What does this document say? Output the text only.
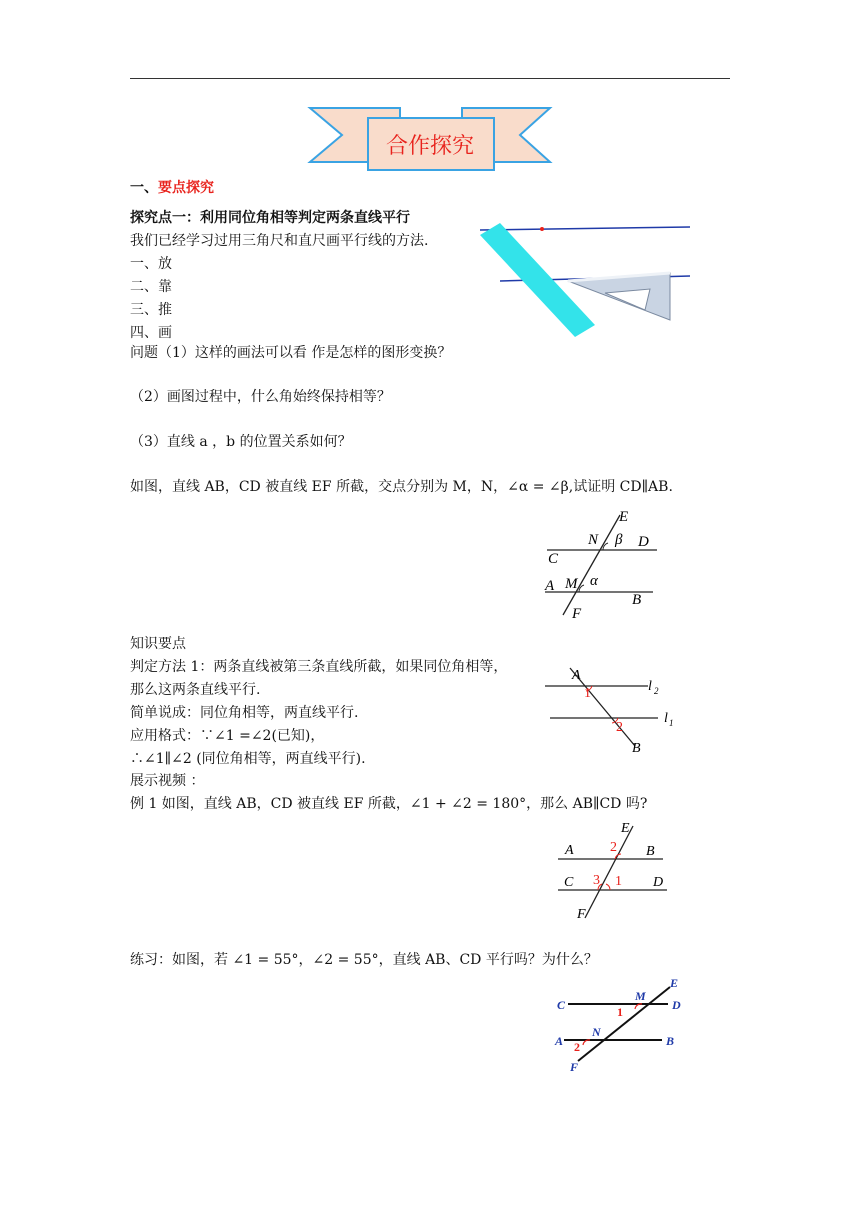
合作探究
一、要点探究
探究点一：利用同位角相等判定两条直线平行
我们已经学习过用三角尺和直尺画平行线的方法.
一、放
二、靠
三、推
四、画
问题（1）这样的画法可以看 作是怎样的图形变换？
（2）画图过程中，什么角始终保持相等？
（3）直线 a ，b 的位置关系如何？
如图，直线 AB，CD 被直线 EF 所截，交点分别为 M，N，∠α = ∠β,试证明 CD∥AB.
E
N β D
C
A M α
B
F
知识要点
判定方法 1：两条直线被第三条直线所截，如果同位角相等，
那么这两条直线平行.
简单说成：同位角相等，两直线平行.
应用格式：∵∠1 =∠2(已知)，
∴∠1∥∠2 (同位角相等，两直线平行).
展示视频 ：
A
1	l 2
2
l 1
B
例 1 如图，直线 AB，CD 被直线 EF 所截，∠1 + ∠2 = 180°，那么 AB∥CD 吗?
E
2
A	B
C 3 1 D
F
练习：如图，若 ∠1 = 55°，∠2 = 55°，直线 AB、CD 平行吗？为什么？
C
M
E
D
1
N
A	B
2
F
